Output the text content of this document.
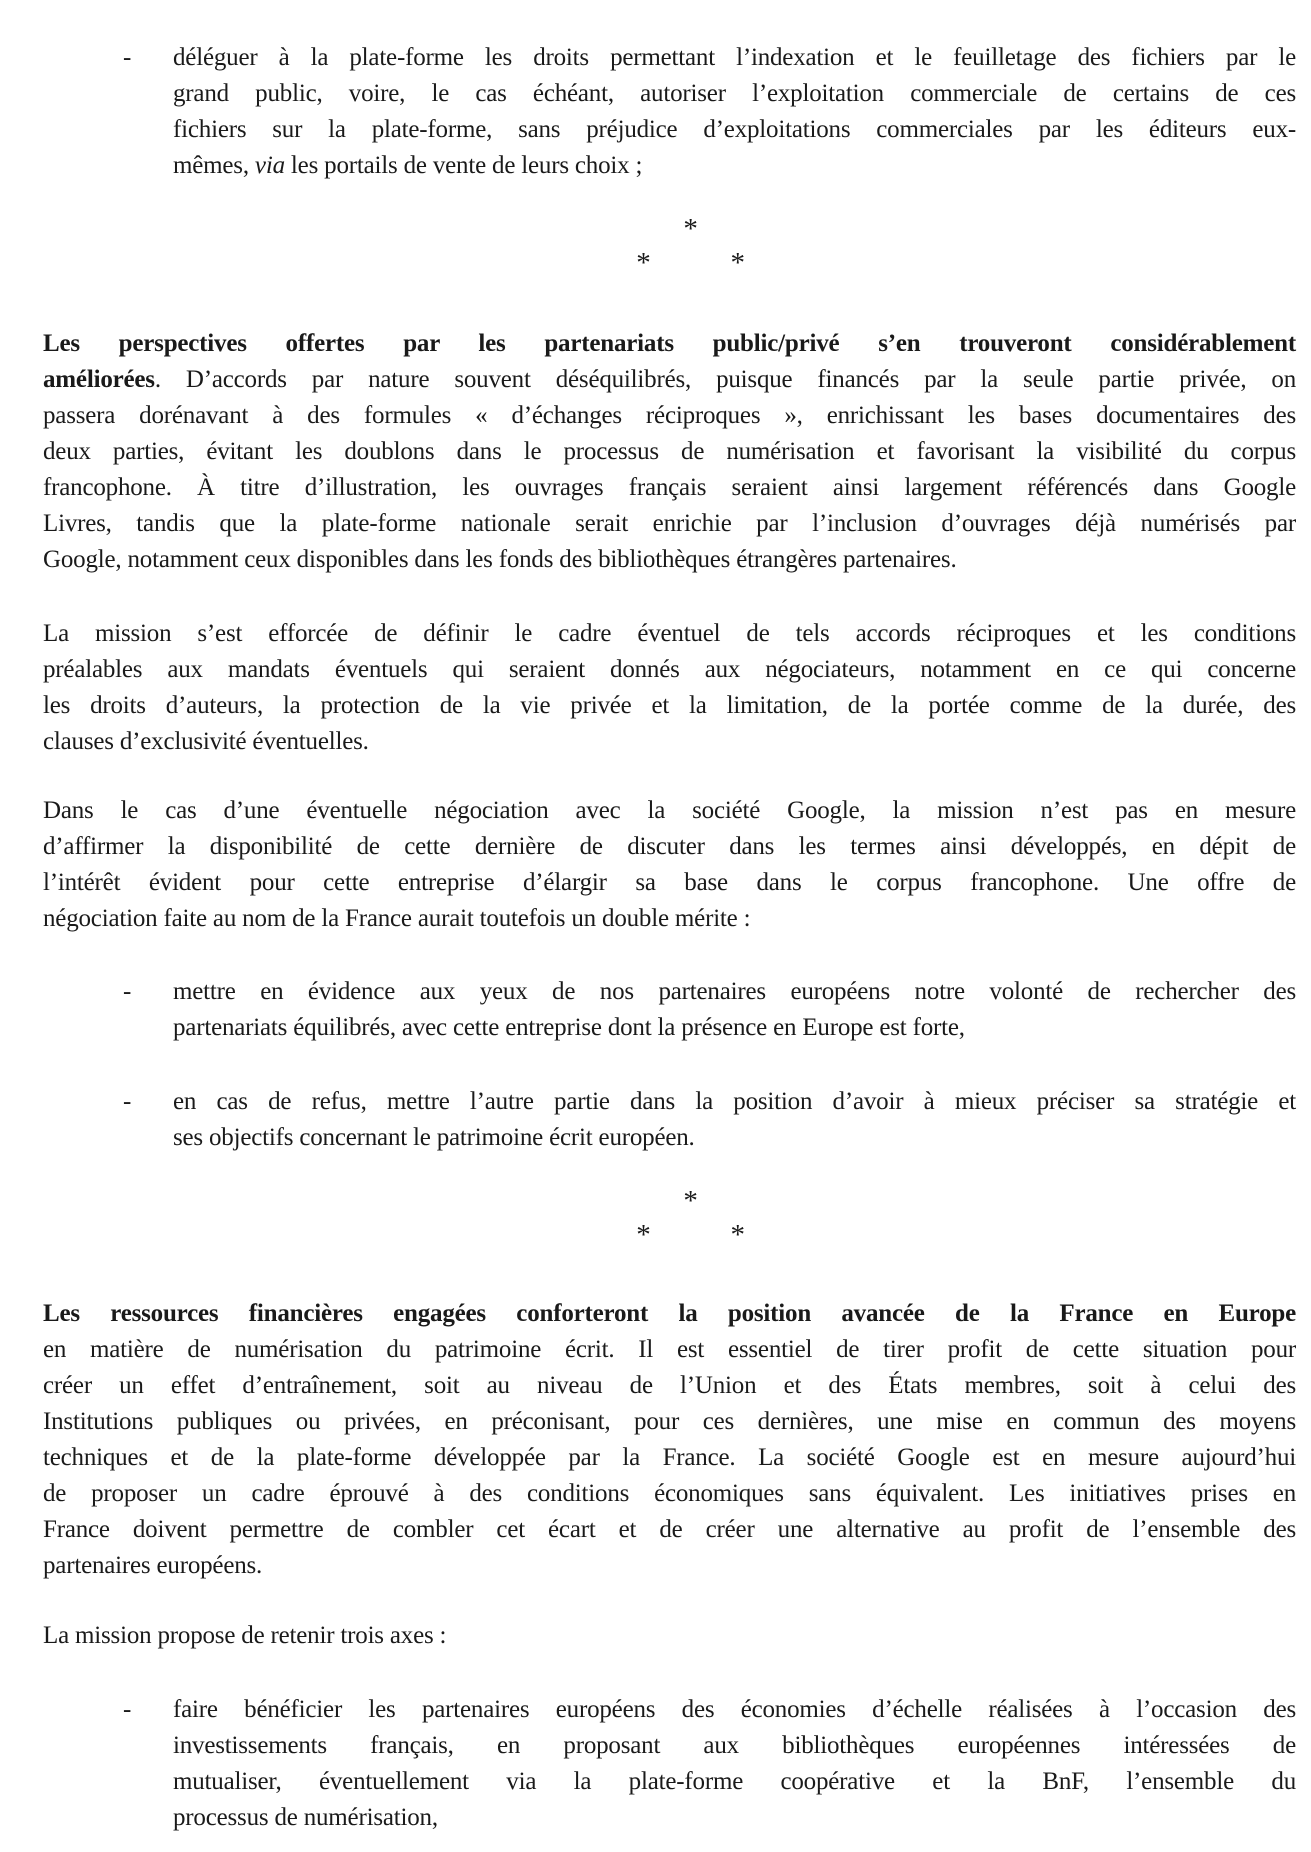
- déléguer à la plate-forme les droits permettant l’indexation et le feuilletage des fichiers par le
grand public, voire, le cas échéant, autoriser l’exploitation commerciale de certains de ces
fichiers sur la plate-forme, sans préjudice d’exploitations commerciales par les éditeurs eux-
mêmes, via les portails de vente de leurs choix ;
*
*	*
Les perspectives offertes par les partenariats public/privé s’en trouveront considérablement
améliorées. D’accords par nature souvent déséquilibrés, puisque financés par la seule partie privée, on
passera dorénavant à des formules « d’échanges réciproques », enrichissant les bases documentaires des
deux parties, évitant les doublons dans le processus de numérisation et favorisant la visibilité du corpus
francophone. À titre d’illustration, les ouvrages français seraient ainsi largement référencés dans Google
Livres, tandis que la plate-forme nationale serait enrichie par l’inclusion d’ouvrages déjà numérisés par
Google, notamment ceux disponibles dans les fonds des bibliothèques étrangères partenaires.
La mission s’est efforcée de définir le cadre éventuel de tels accords réciproques et les conditions
préalables aux mandats éventuels qui seraient donnés aux négociateurs, notamment en ce qui concerne
les droits d’auteurs, la protection de la vie privée et la limitation, de la portée comme de la durée, des
clauses d’exclusivité éventuelles.
Dans le cas d’une éventuelle négociation avec la société Google, la mission n’est pas en mesure
d’affirmer la disponibilité de cette dernière de discuter dans les termes ainsi développés, en dépit de
l’intérêt évident pour cette entreprise d’élargir sa base dans le corpus francophone. Une offre de
négociation faite au nom de la France aurait toutefois un double mérite :
- mettre en évidence aux yeux de nos partenaires européens notre volonté de rechercher des
partenariats équilibrés, avec cette entreprise dont la présence en Europe est forte,
- en cas de refus, mettre l’autre partie dans la position d’avoir à mieux préciser sa stratégie et
ses objectifs concernant le patrimoine écrit européen.
*
*	*
Les ressources financières engagées conforteront la position avancée de la France en Europe
en matière de numérisation du patrimoine écrit. Il est essentiel de tirer profit de cette situation pour
créer un effet d’entraînement, soit au niveau de l’Union et des États membres, soit à celui des
Institutions publiques ou privées, en préconisant, pour ces dernières, une mise en commun des moyens
techniques et de la plate-forme développée par la France. La société Google est en mesure aujourd’hui
de proposer un cadre éprouvé à des conditions économiques sans équivalent. Les initiatives prises en
France doivent permettre de combler cet écart et de créer une alternative au profit de l’ensemble des
partenaires européens.
La mission propose de retenir trois axes :
- faire bénéficier les partenaires européens des économies d’échelle réalisées à l’occasion des
investissements français, en proposant aux bibliothèques européennes intéressées de
mutualiser, éventuellement via la plate-forme coopérative et la BnF, l’ensemble du
processus de numérisation,
